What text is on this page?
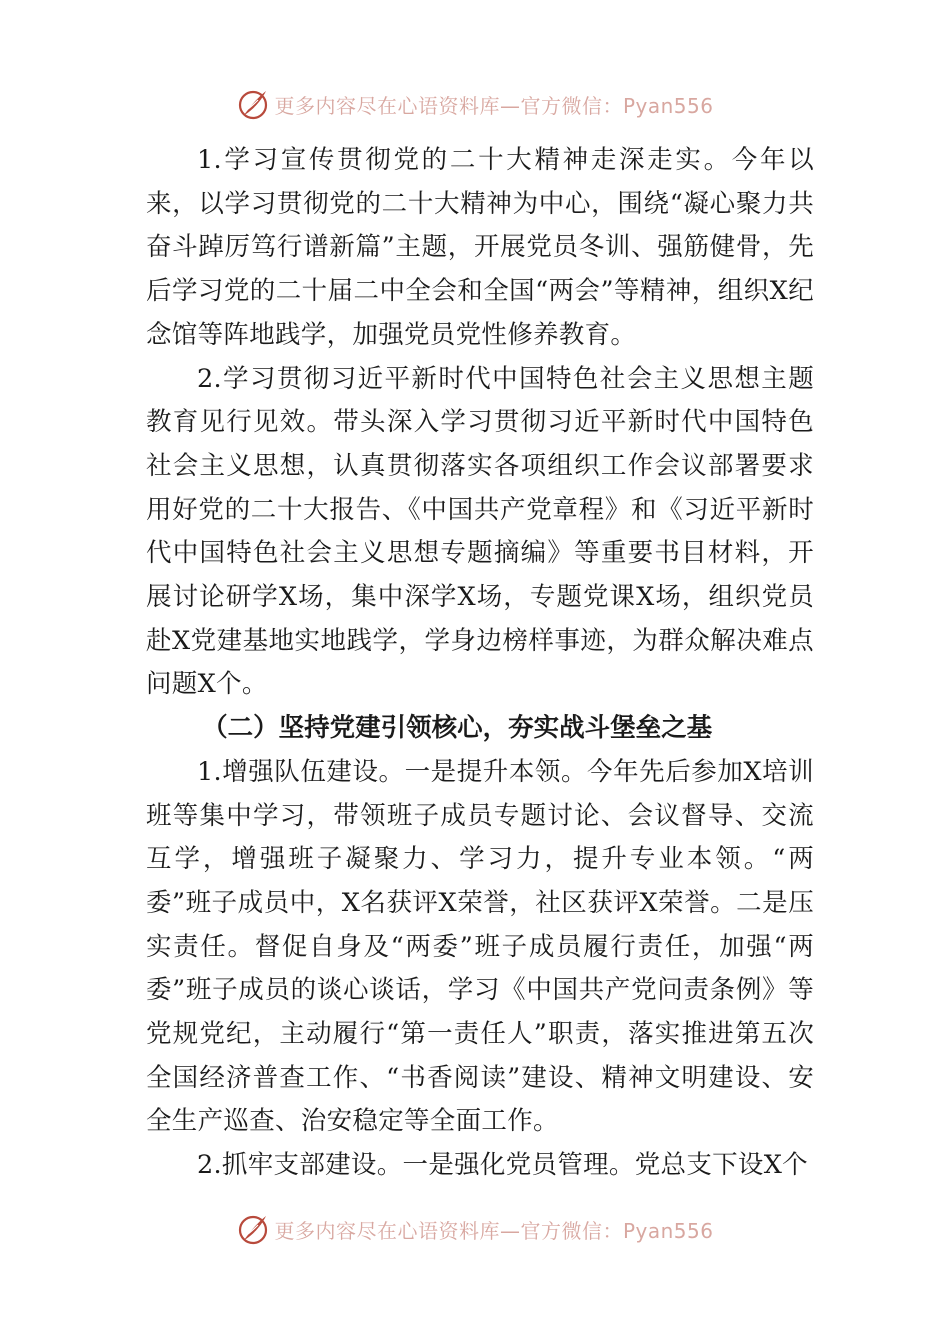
更多内容尽在心语资料库—官方微信：Pyan556

1.学习宣传贯彻党的二十大精神走深走实。今年以来，以学习贯彻党的二十大精神为中心，围绕“凝心聚力共奋斗踔厉笃行谱新篇”主题，开展党员冬训、强筋健骨，先后学习党的二十届二中全会和全国“两会”等精神，组织X纪念馆等阵地践学，加强党员党性修养教育。

2.学习贯彻习近平新时代中国特色社会主义思想主题教育见行见效。带头深入学习贯彻习近平新时代中国特色社会主义思想，认真贯彻落实各项组织工作会议部署要求用好党的二十大报告、《中国共产党章程》和《习近平新时代中国特色社会主义思想专题摘编》等重要书目材料，开展讨论研学X场，集中深学X场，专题党课X场，组织党员赴X党建基地实地践学，学身边榜样事迹，为群众解决难点问题X个。

（二）坚持党建引领核心，夯实战斗堡垒之基

1.增强队伍建设。一是提升本领。今年先后参加X培训班等集中学习，带领班子成员专题讨论、会议督导、交流互学，增强班子凝聚力、学习力，提升专业本领。“两委”班子成员中，X名获评X荣誉，社区获评X荣誉。二是压实责任。督促自身及“两委”班子成员履行责任，加强“两委”班子成员的谈心谈话，学习《中国共产党问责条例》等党规党纪，主动履行“第一责任人”职责，落实推进第五次全国经济普查工作、“书香阅读”建设、精神文明建设、安全生产巡查、治安稳定等全面工作。

2.抓牢支部建设。一是强化党员管理。党总支下设X个

更多内容尽在心语资料库—官方微信：Pyan556
